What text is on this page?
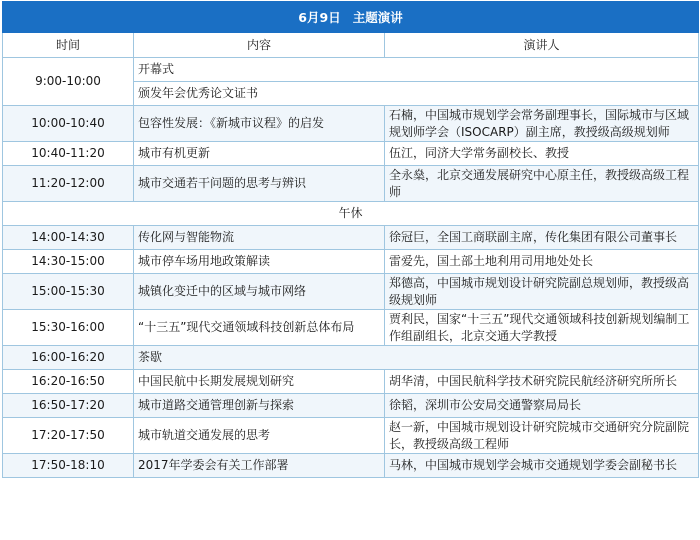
6月9日 主题演讲		
时间	内容	演讲人
9:00-10:00	开幕式	
	颁发年会优秀论文证书	
10:00-10:40	包容性发展：《新城市议程》的启发	石楠，中国城市规划学会常务副理事长，国际城市与区域规划师学会（ISOCARP）副主席，教授级高级规划师
10:40-11:20	城市有机更新	伍江，同济大学常务副校长、教授
11:20-12:00	城市交通若干问题的思考与辨识	全永燊，北京交通发展研究中心原主任，教授级高级工程师
午休		
14:00-14:30	传化网与智能物流	徐冠巨，全国工商联副主席，传化集团有限公司董事长
14:30-15:00	城市停车场用地政策解读	雷爱先，国土部土地利用司用地处处长
15:00-15:30	城镇化变迁中的区域与城市网络	郑德高，中国城市规划设计研究院副总规划师，教授级高级规划师
15:30-16:00	“十三五”现代交通领域科技创新总体布局	贾利民，国家“十三五”现代交通领域科技创新规划编制工作组副组长，北京交通大学教授
16:00-16:20	茶歇	
16:20-16:50	中国民航中长期发展规划研究	胡华清，中国民航科学技术研究院民航经济研究所所长
16:50-17:20	城市道路交通管理创新与探索	徐韬，深圳市公安局交通警察局局长
17:20-17:50	城市轨道交通发展的思考	赵一新，中国城市规划设计研究院城市交通研究分院副院长，教授级高级工程师
17:50-18:10	2017年学委会有关工作部署	马林，中国城市规划学会城市交通规划学委会副秘书长
